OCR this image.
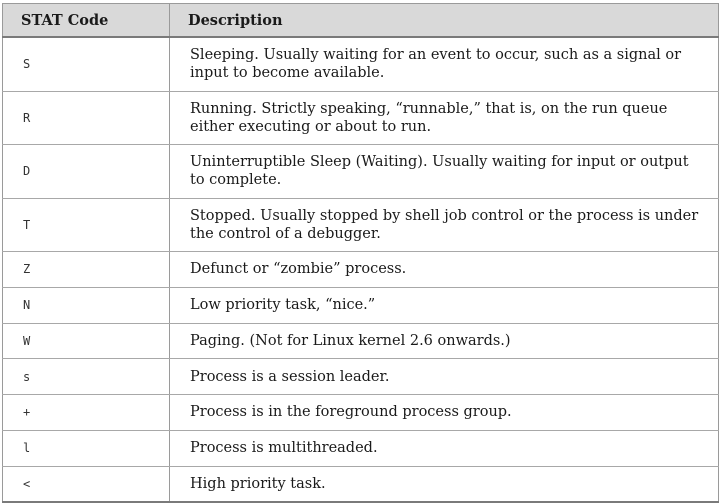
STAT Code	Description
S	Sleeping. Usually waiting for an event to occur, such as a signal or input to become available.
R	Running. Strictly speaking, “runnable,” that is, on the run queue either executing or about to run.
D	Uninterruptible Sleep (Waiting). Usually waiting for input or output to complete.
T	Stopped. Usually stopped by shell job control or the process is under the control of a debugger.
Z	Defunct or “zombie” process.
N	Low priority task, “nice.”
W	Paging. (Not for Linux kernel 2.6 onwards.)
s	Process is a session leader.
+	Process is in the foreground process group.
l	Process is multithreaded.
<	High priority task.
